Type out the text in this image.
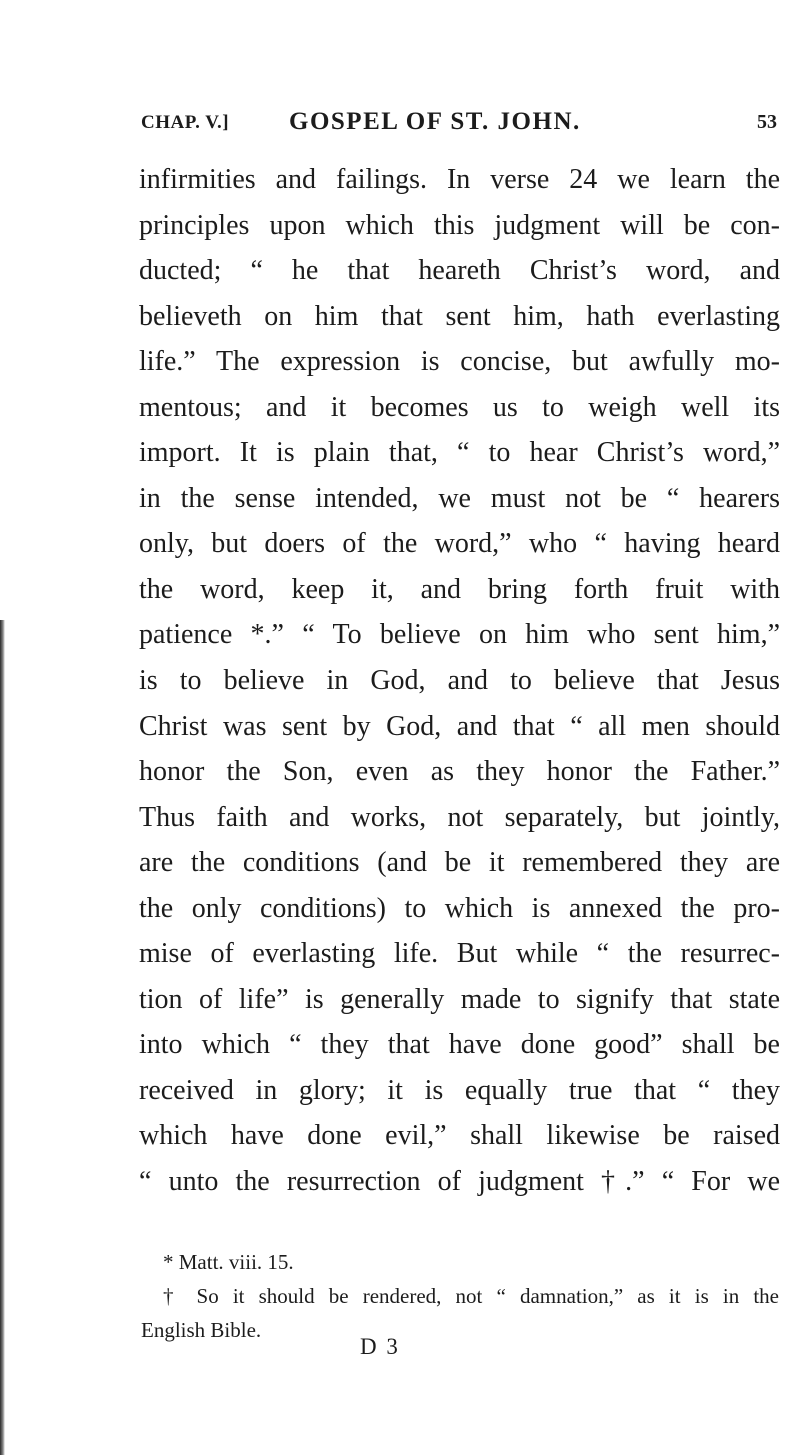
CHAP. V.] GOSPEL OF ST. JOHN.	53
infirmities and failings. In verse 24 we learn the
principles upon which this judgment will be con-
ducted; “ he that heareth Christ’s word, and
believeth on him that sent him, hath everlasting
life.” The expression is concise, but awfully mo-
mentous; and it becomes us to weigh well its
import. It is plain that, “ to hear Christ’s word,”
in the sense intended, we must not be “ hearers
only, but doers of the word,” who “ having heard
the word, keep it, and bring forth fruit with
patience *.” “ To believe on him who sent him,”
is to believe in God, and to believe that Jesus
Christ was sent by God, and that “ all men should
honor the Son, even as they honor the Father.”
Thus faith and works, not separately, but jointly,
are the conditions (and be it remembered they are
the only conditions) to which is annexed the pro-
mise of everlasting life. But while “ the resurrec-
tion of life” is generally made to signify that state
into which “ they that have done good” shall be
received in glory; it is equally true that “ they
which have done evil,” shall likewise be raised
“ unto the resurrection of judgment †.” “ For we
* Matt. viii. 15.
† So it should be rendered, not “ damnation,” as it is in the
English Bible.
D 3
